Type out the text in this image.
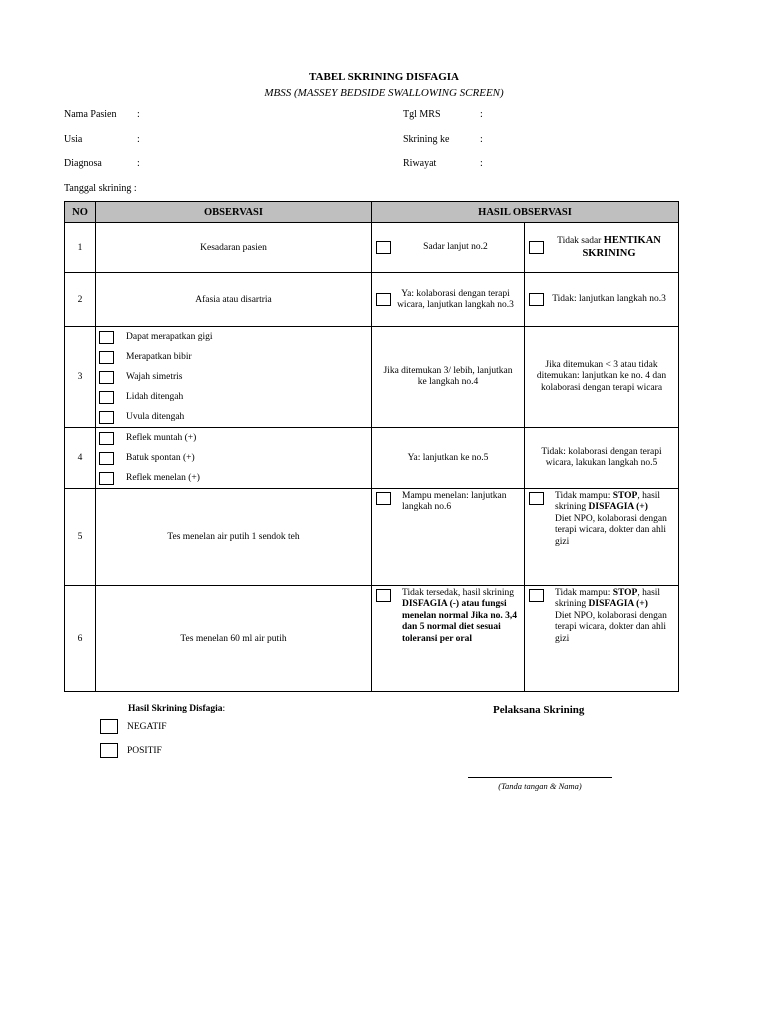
TABEL SKRINING DISFAGIA
MBSS (MASSEY BEDSIDE SWALLOWING SCREEN)
Nama Pasien :
Usia	:
Diagnosa	:
Tgl MRS	:
Skrining ke	:
Riwayat	:
Tanggal skrining :
NO	OBSERVASI	HASIL OBSERVASI	
1	Kesadaran pasien	Sadar lanjut no.2	Tidak sadar HENTIKAN SKRINING

2	Afasia atau disartria	Ya: kolaborasi dengan terapi wicara, lanjutkan langkah no.3	Tidak: lanjutkan langkah no.3

3	Dapat merapatkan gigi
Merapatkan bibir
Wajah simetris
Lidah ditengah
Uvula ditengah	Jika ditemukan 3/ lebih, lanjutkan ke langkah no.4	Jika ditemukan < 3 atau tidak ditemukan: lanjutkan ke no. 4 dan kolaborasi dengan terapi wicara
4	Reflek muntah (+)
Batuk spontan (+)
Reflek menelan (+)	Ya: lanjutkan ke no.5	Tidak: kolaborasi dengan terapi wicara, lakukan langkah no.5
5	Tes menelan air putih 1 sendok teh	Mampu menelan: lanjutkan langkah no.6	Tidak mampu: STOP, hasil skrining DISFAGIA (+)
Diet NPO, kolaborasi dengan terapi wicara, dokter dan ahli gizi

6	Tes menelan 60 ml air putih	Tidak tersedak, hasil skrining DISFAGIA (-) atau fungsi menelan normal Jika no. 3,4 dan 5 normal diet sesuai toleransi per oral	Tidak mampu: STOP, hasil skrining DISFAGIA (+)
Diet NPO, kolaborasi dengan terapi wicara, dokter dan ahli gizi
Hasil Skrining Disfagia:
NEGATIF
POSITIF
Pelaksana Skrining
(Tanda tangan & Nama)
